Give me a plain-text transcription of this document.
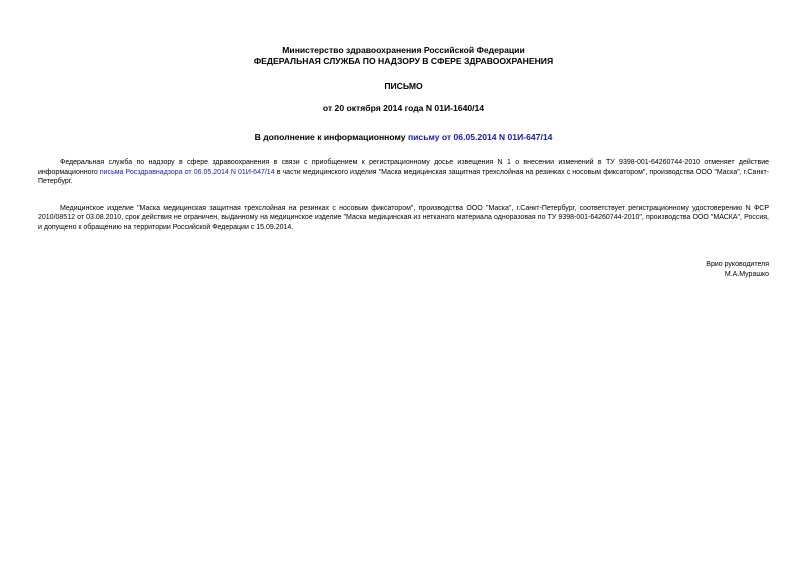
Министерство здравоохранения Российской Федерации
ФЕДЕРАЛЬНАЯ СЛУЖБА ПО НАДЗОРУ В СФЕРЕ ЗДРАВООХРАНЕНИЯ
ПИСЬМО
от 20 октября 2014 года N 01И-1640/14
В дополнение к информационному письму от 06.05.2014 N 01И-647/14

Федеральная служба по надзору в сфере здравоохранения в связи с приобщением к регистрационному досье извещения N 1 о внесении изменений в ТУ 9398-001-64260744-2010 отменяет действие информационного письма Росздравнадзора от 06.05.2014 N 01И-647/14 в части медицинского изделия "Маска медицинская защитная трехслойная на резинках с носовым фиксатором", производства ООО "Маска", г.Санкт-Петербург.

Медицинское изделие "Маска медицинская защитная трехслойная на резинках с носовым фиксатором", производства ООО "Маска", г.Санкт-Петербург, соответствует регистрационному удостоверению N ФСР 2010/08512 от 03.08.2010, срок действия не ограничен, выданному на медицинское изделие "Маска медицинская из нетканого материала одноразовая по ТУ 9398-001-64260744-2010", производства ООО "МАСКА", Россия, и допущено к обращению на территории Российской Федерации с 15.09.2014.

Врио руководителя
М.А.Мурашко
